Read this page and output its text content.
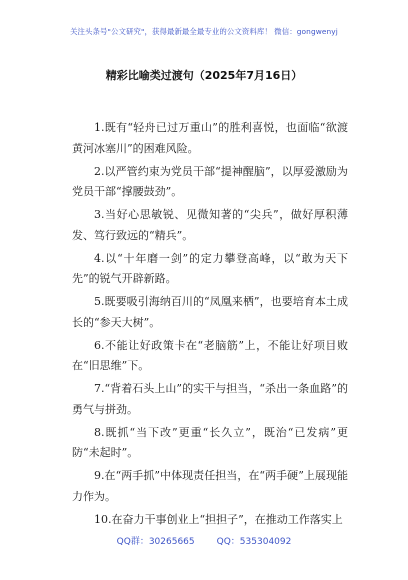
关注头条号"公文研究"，获得最新最全最专业的公文资料库！ 微信：gongwenyj
精彩比喻类过渡句（2025年7月16日）

1.既有“轻舟已过万重山”的胜利喜悦，也面临“欲渡黄河冰塞川”的困难风险。

2.以严管约束为党员干部“提神醒脑”，以厚爱激励为党员干部“撑腰鼓劲”。

3.当好心思敏锐、见微知著的“尖兵”，做好厚积薄发、笃行致远的“精兵”。

4.以“十年磨一剑”的定力攀登高峰，以“敢为天下先”的锐气开辟新路。

5.既要吸引海纳百川的“凤凰来栖”，也要培育本土成长的“参天大树”。

6.不能让好政策卡在“老脑筋”上，不能让好项目败在“旧思维”下。

7.“背着石头上山”的实干与担当，“杀出一条血路”的勇气与拼劲。

8.既抓“当下改”更重“长久立”，既治“已发病”更防“未起时”。

9.在“两手抓”中体现责任担当，在“两手硬”上展现能力作为。

10.在奋力干事创业上“担担子”，在推动工作落实上

QQ群：30265665 QQ：535304092
